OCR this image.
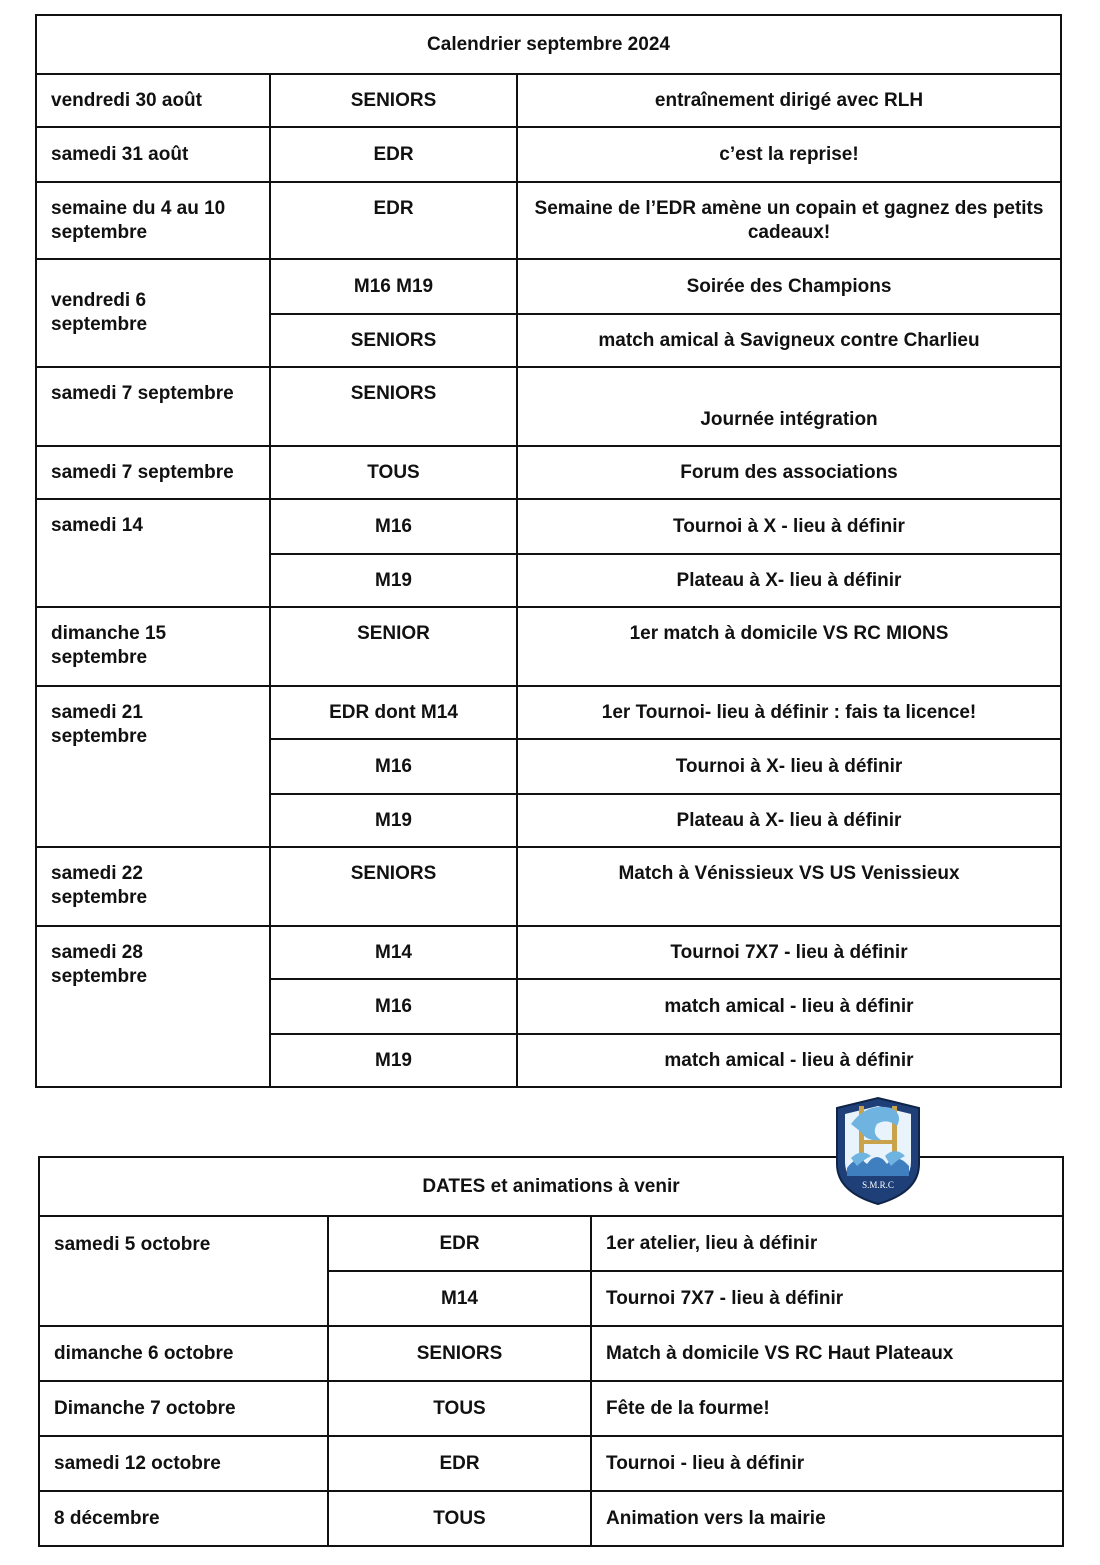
Calendrier septembre 2024		
vendredi 30 août	SENIORS	entraînement dirigé avec RLH
samedi 31 août	EDR	c’est la reprise!
semaine du 4 au 10 septembre	EDR	Semaine de l’EDR amène un copain et gagnez des petits cadeaux!
vendredi 6 septembre	M16 M19	Soirée des Champions
	SENIORS	match amical à Savigneux contre Charlieu
samedi 7 septembre	SENIORS	Journée intégration
samedi 7 septembre	TOUS	Forum des associations
samedi 14	M16	Tournoi à X - lieu à définir
	M19	Plateau à X- lieu à définir
dimanche 15 septembre	SENIOR	1er match à domicile VS RC MIONS
samedi 21 septembre	EDR dont M14	1er Tournoi- lieu à définir : fais ta licence!
	M16	Tournoi à X- lieu à définir
	M19	Plateau à X- lieu à définir
samedi 22 septembre	SENIORS	Match à Vénissieux VS US Venissieux
samedi 28 septembre	M14	Tournoi 7X7 - lieu à définir
	M16	match amical - lieu à définir
	M19	match amical - lieu à définir
DATES et animations à venir		
samedi 5 octobre	EDR	1er atelier, lieu à définir
	M14	Tournoi 7X7 - lieu à définir
dimanche 6 octobre	SENIORS	Match à domicile VS RC Haut Plateaux
Dimanche 7 octobre	TOUS	Fête de la fourme!
samedi 12 octobre	EDR	Tournoi - lieu à définir
8 décembre	TOUS	Animation vers la mairie
S.M.R.C
